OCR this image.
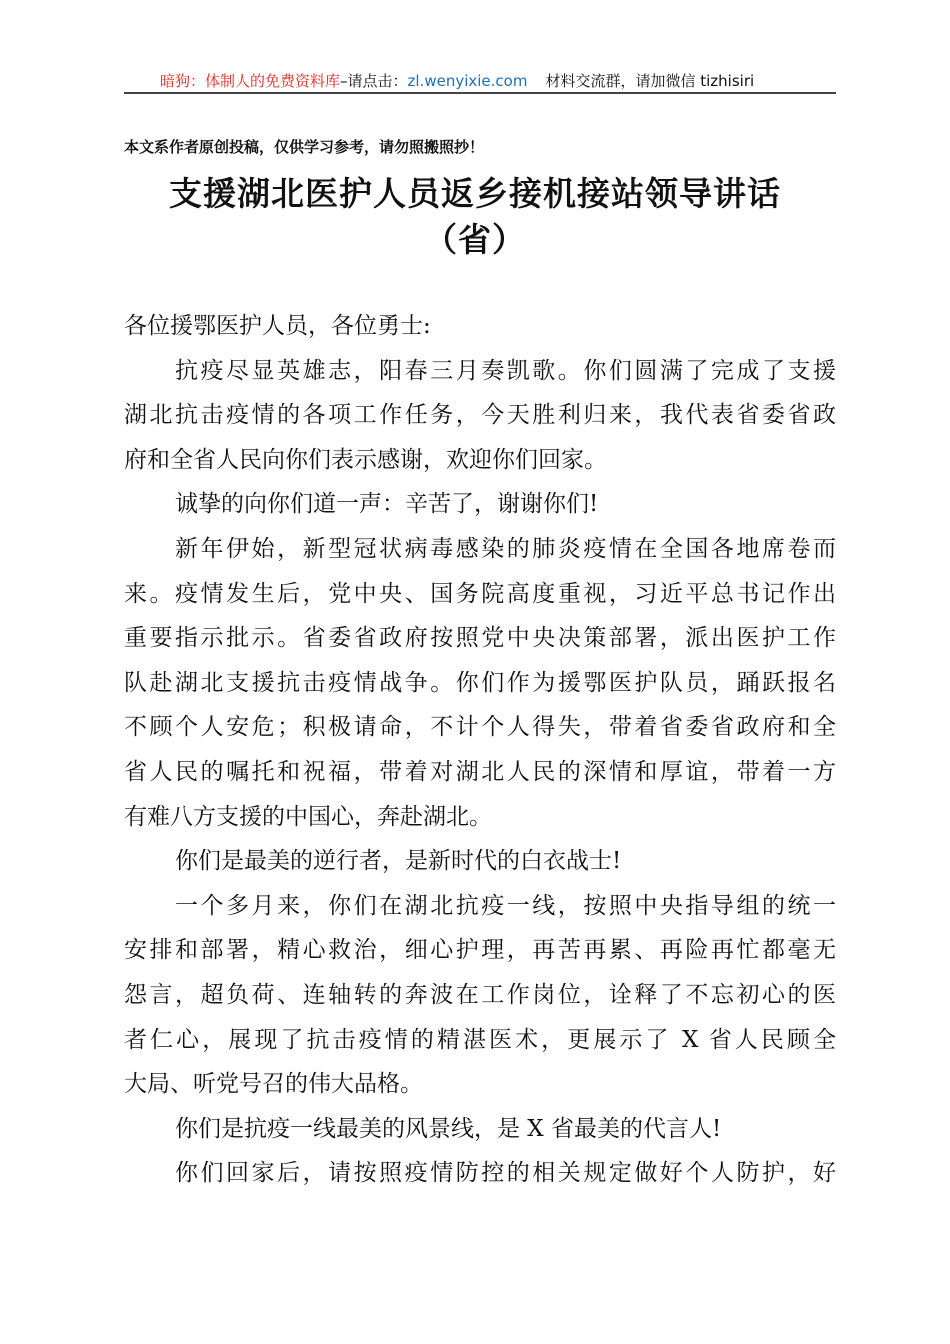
暗狗：体制人的免费资料库–请点击：zl.wenyixie.com 材料交流群，请加微信 tizhisiri
本文系作者原创投稿，仅供学习参考，请勿照搬照抄！
支援湖北医护人员返乡接机接站领导讲话
（省）
各位援鄂医护人员，各位勇士:
抗疫尽显英雄志，阳春三月奏凯歌。你们圆满了完成了支援
湖北抗击疫情的各项工作任务，今天胜利归来，我代表省委省政
府和全省人民向你们表示感谢，欢迎你们回家。
诚挚的向你们道一声：辛苦了，谢谢你们!
新年伊始，新型冠状病毒感染的肺炎疫情在全国各地席卷而
来。疫情发生后，党中央、国务院高度重视，习近平总书记作出
重要指示批示。省委省政府按照党中央决策部署，派出医护工作
队赴湖北支援抗击疫情战争。你们作为援鄂医护队员，踊跃报名
不顾个人安危；积极请命，不计个人得失，带着省委省政府和全
省人民的嘱托和祝福，带着对湖北人民的深情和厚谊，带着一方
有难八方支援的中国心，奔赴湖北。
你们是最美的逆行者，是新时代的白衣战士!
一个多月来，你们在湖北抗疫一线，按照中央指导组的统一
安排和部署，精心救治，细心护理，再苦再累、再险再忙都毫无
怨言，超负荷、连轴转的奔波在工作岗位，诠释了不忘初心的医
者仁心，展现了抗击疫情的精湛医术，更展示了 X 省人民顾全
大局、听党号召的伟大品格。
你们是抗疫一线最美的风景线，是 X 省最美的代言人!
你们回家后，请按照疫情防控的相关规定做好个人防护，好
